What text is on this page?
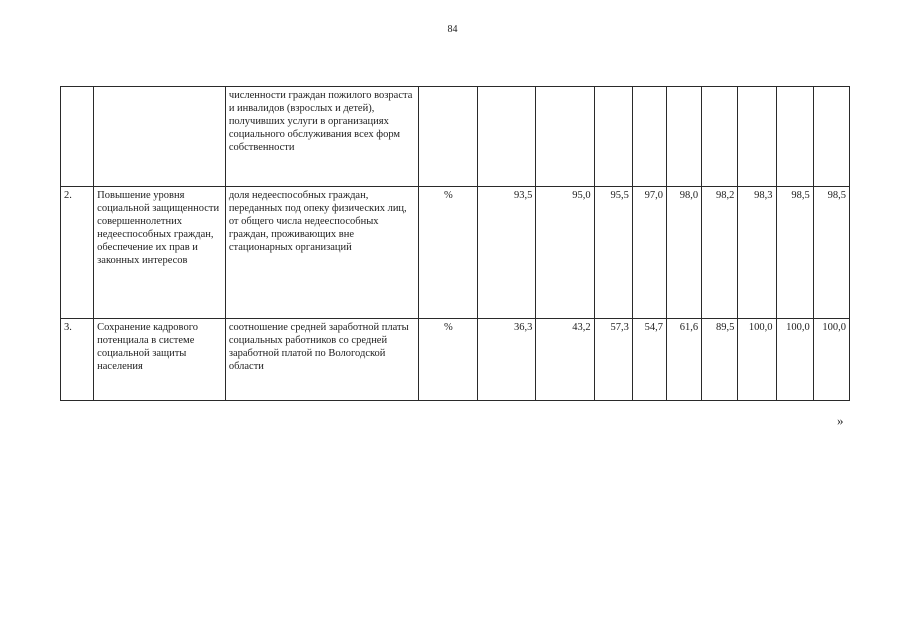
84
		численности граждан пожилого возраста и инвалидов (взрослых и детей), получивших услуги в организациях социального обслуживания всех форм собственности										
2.	Повышение уровня социальной защищенности совершеннолетних недееспособных граждан, обеспечение их прав и законных интересов	доля недееспособных граждан, переданных под опеку физических лиц, от общего числа недееспособных граждан, проживающих вне стационарных организаций	%	93,5	95,0	95,5	97,0	98,0	98,2	98,3	98,5	98,5
3.	Сохранение кадрового потенциала в системе социальной защиты населения	соотношение средней заработной платы социальных работников со средней заработной платой по Вологодской области	%	36,3	43,2	57,3	54,7	61,6	89,5	100,0	100,0	100,0
»
